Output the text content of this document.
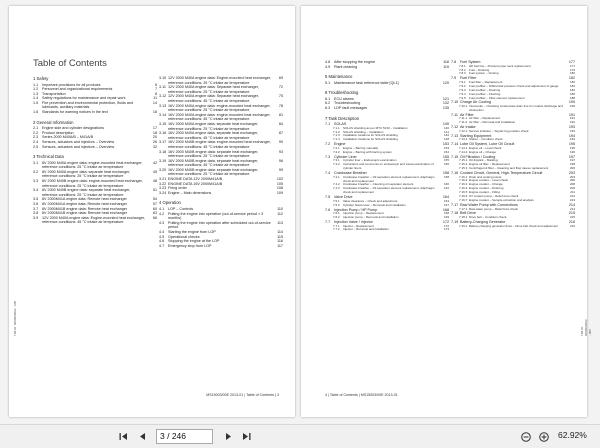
Table of Contents
1 Safety
1.1	Important provisions for all products	6
1.2	Personnel and organizational requirements	7
1.3	Transportation	8
1.4	Safety regulations for maintenance and repair work	11
1.5	Fire prevention and environmental protection, fluids and lubricants, auxiliary materials
14
1.6	Standards for warning notices in the text	16
2 General Information
2.1	Engine side and cylinder designations	17
2.2	Product description	18
2.3	Series 2000 M40A/B – M41A/B	20
2.4	Sensors, actuators and injectors – Overview	26
2.5	Sensors, actuators and injectors – Overview	32
3 Technical Data
3.1	8V 2000 M40A engine data: engine-mounted heat exchanger, reference conditions: 25 °C intake air temperature
42
3.2	8V 2000 M40A engine data: separate heat exchanger, reference conditions: 25 °C intake air temperature
45
3.3	8V 2000 M40B engine data: engine-mounted heat exchanger, reference conditions: 25 °C intake air temperature
48
3.4	8V 2000 M40B engine data: separate heat exchanger, reference conditions: 25 °C intake air temperature
51
3.5	8V 2000M41A engine data: Remote heat exchanger	54
3.6	8V 2000M41A engine data: Remote heat exchanger	57
3.7	8V 2000M41B engine data: Remote heat exchanger	60
3.8	8V 2000M41B engine data: Remote heat exchanger	63
3.9	12V 2000 M40A engine data: Engine-mounted heat exchanger, reference conditions: 45 °C intake air temperature
66
3.10 12V 2000 M40A engine data: Engine-mounted heat exchanger, reference conditions: 25 °C intake air temperature
69
3.11 12V 2000 M40A engine data: Separate heat exchanger, reference conditions: 25 °C intake air temperature
72
3.12 12V 2000 M40A engine data: Separate heat exchanger, reference conditions: 45 °C intake air temperature
75
3.13 16V 2000 M40A engine data: engine-mounted heat exchanger, reference conditions: 25 °C intake air temperature
78
3.14 16V 2000 M40A engine data: engine-mounted heat exchanger, reference conditions: 45 °C intake air temperature
81
3.15 16V 2000 M40A engine data, separate heat exchanger, reference conditions: 25 °C intake air temperature
84
3.16 16V 2000 M40A engine data, separate heat exchanger, reference conditions: 45 °C intake air temperature
87
3.17 16V 2000 M40B engine data: engine-mounted heat exchanger, reference conditions: 45 °C intake air temperature
90
3.18 16V 2000 M40B engine data: separate heat exchanger, reference conditions: 25 °C intake air temperature
93
3.19 16V 2000 M40B engine data, separate heat exchanger, reference conditions: 45 °C intake air temperature
96
3.20 16V 2000 M40B engine data: separate heat exchanger, reference conditions: 25 °C intake air temperature
99
3.21 ENGINE DATA 12V 2000M41A/B	102
3.22 ENGINE DATA 16V 2000M41A/B	105
3.23 Firing order	108
3.24 Engine – Main dimensions	109
4 Operation
4.1	LOP – Controls	110
4.2	Putting the engine into operation (out-of-service period > 3 months)
112
4.3	Putting the engine into operation after scheduled out-of-service period
113
4.4	Starting the engine from LOP	114
4.5	Operational checks	115
4.6	Stopping the engine at the LOP	116
4.7	Emergency stop from LOP	117
MS15003/00E 2013-01 | Table of Contents | 3
TIM-ID: 0000000002 - 005
4.8	After stopping the engine	118
4.9	Plant cleaning	119
5 Maintenance
5.1	Maintenance task reference table [QL1]	120
6 Troubleshooting
6.1	ECU alarms	121
6.2	Troubleshooting	132
6.3	LOP fault messages	135
7 Task Description
7.1	SOLAS	140
7.1.1	SOLAS shielding as per MTU 5130 – Installation	140
7.1.2	SOLAS shielding – Installation	141
7.1.3	Installation locations for SOLAS shielding	142
7.1.4	Installation locations for SOLAS shielding	148
7.2	Engine	153
7.2.1	Engine – Barring manually	153
7.2.2	Engine – Barring with barring system	154
7.3	Cylinder Liner	155
7.3.1	Cylinder liner – Endoscopic examination	155
7.3.2	Instructions and comments on endoscopic and visual examination of cylinder liners
156
7.4	Crankcase Breather	158
7.4.1	Crankcase breather – Oil separator element replacement, diaphragm check and replacement
158
7.4.2	Crankcase breather – Cleaning oil separator element	160
7.4.3	Crankcase breather – Oil separator element replacement, diaphragm check and replacement
162
7.5	Valve Drive	164
7.5.1	Valve clearance – Check and adjustment	164
7.5.2	Cylinder head cover – Removal and installation	167
7.6	Injection Pump / HP Pump	168
7.6.1	Injection pump – Replacement	168
7.6.2	Injection pump – Removal and installation	169
7.7	Injection Valve / Injector	172
7.7.1	Injector – Replacement	172
7.7.2	Injector – Removal and installation	173
7.8	Fuel System	177
7.8.1	HP fuel line – Pressure pipe neck replacement	177
7.8.2	Fuel – Draining	179
7.8.3	Fuel system – Venting	180
7.9	Fuel Filter	182
7.9.1	Fuel filter – Replacement	182
7.9.2	Fuel prefilter – Differential pressure check and adjustment of gauge	183
7.9.3	Fuel prefilter – Draining	184
7.9.4	Fuel prefilter – Flushing	185
7.9.5	Fuel prefilter – Filter element replacement	188
7.10 Charge Air Cooling	190
7.10.1 Intercooler – Checking condensate drain line for coolant discharge and obstruction
190
7.11 Air Filter	191
7.11.1 Air filter – Replacement	191
7.11.2 Air filter – Removal and installation	192
7.12 Air Intake	193
7.12.1 Service indicator – Signal ring position check	193
7.13 Starting Equipment	194
7.13.1 Starter – Condition check	194
7.14 Lube Oil System, Lube Oil Circuit	195
7.14.1 Engine oil – Level check	195
7.14.2 Engine oil – Change	196
7.15 Oil Filtration / Cooling	197
7.15.1 Oil dipstick – Marking	197
7.15.2 Engine oil filter – Replacement	198
7.15.3 Centrifugal oil filter – Cleaning and filter sleeve replacement	200
7.16 Coolant Circuit, General, High-Temperature Circuit	203
7.16.1 Drain and venting points	203
7.16.2 Engine coolant – Level check	206
7.16.3 Engine coolant – Change	208
7.16.4 Engine coolant – Draining	209
7.16.5 Engine coolant – Filling	211
7.16.6 HT coolant pump – Relief bore check	212
7.16.7 Engine coolant – Sample extraction and analysis	213
7.17 Raw Water Pump with Connections	214
7.17.1 Raw water pump – Relief bore check	214
7.18 Belt Drive	215
7.18.1 Drive belt – Condition check	215
7.19 Battery-Charging Generator	216
7.19.1 Battery-charging generator drive – Drive belt check and adjustment	216
4 | Table of Contents | MS15003/00E 2013-01
TIM-ID: 0000000002 - 005
3 / 246	62.92%
